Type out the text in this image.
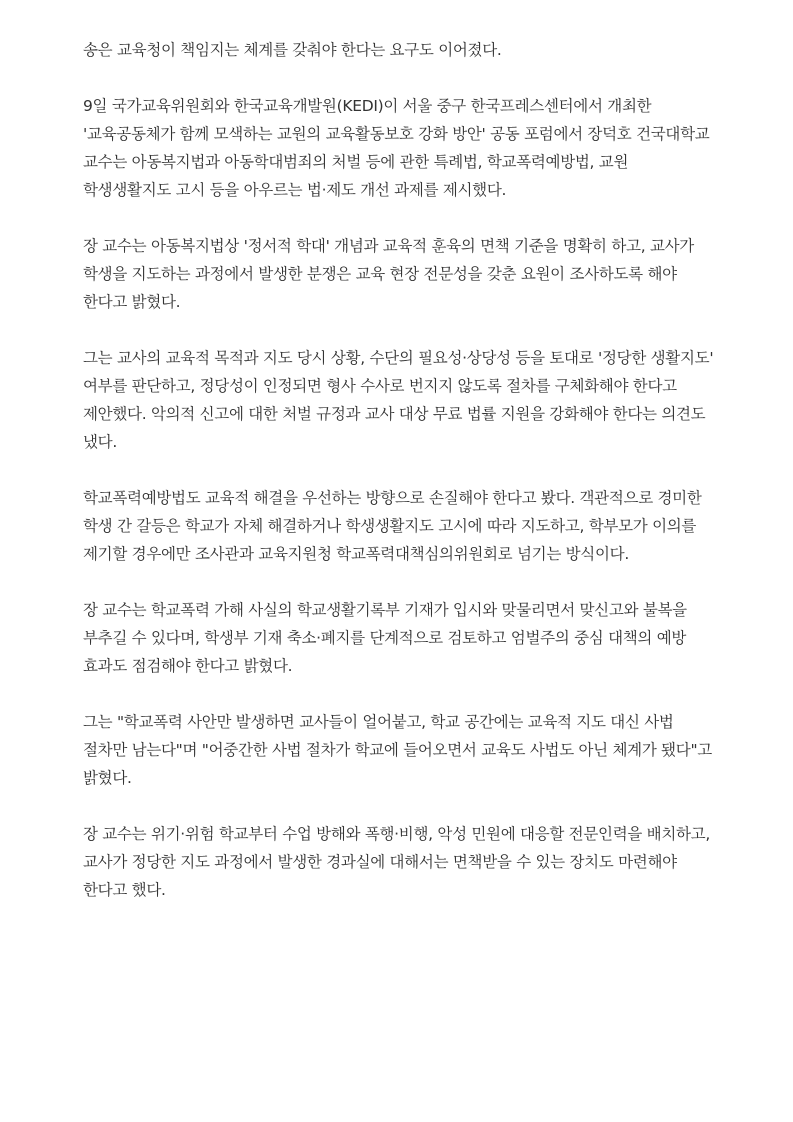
송은 교육청이 책임지는 체계를 갖춰야 한다는 요구도 이어졌다.

9일 국가교육위원회와 한국교육개발원(KEDI)이 서울 중구 한국프레스센터에서 개최한 '교육공동체가 함께 모색하는 교원의 교육활동보호 강화 방안' 공동 포럼에서 장덕호 건국대학교 교수는 아동복지법과 아동학대범죄의 처벌 등에 관한 특례법, 학교폭력예방법, 교원 학생생활지도 고시 등을 아우르는 법·제도 개선 과제를 제시했다.

장 교수는 아동복지법상 '정서적 학대' 개념과 교육적 훈육의 면책 기준을 명확히 하고, 교사가 학생을 지도하는 과정에서 발생한 분쟁은 교육 현장 전문성을 갖춘 요원이 조사하도록 해야 한다고 밝혔다.

그는 교사의 교육적 목적과 지도 당시 상황, 수단의 필요성·상당성 등을 토대로 '정당한 생활지도' 여부를 판단하고, 정당성이 인정되면 형사 수사로 번지지 않도록 절차를 구체화해야 한다고 제안했다. 악의적 신고에 대한 처벌 규정과 교사 대상 무료 법률 지원을 강화해야 한다는 의견도 냈다.

학교폭력예방법도 교육적 해결을 우선하는 방향으로 손질해야 한다고 봤다. 객관적으로 경미한 학생 간 갈등은 학교가 자체 해결하거나 학생생활지도 고시에 따라 지도하고, 학부모가 이의를 제기할 경우에만 조사관과 교육지원청 학교폭력대책심의위원회로 넘기는 방식이다.

장 교수는 학교폭력 가해 사실의 학교생활기록부 기재가 입시와 맞물리면서 맞신고와 불복을 부추길 수 있다며, 학생부 기재 축소·폐지를 단계적으로 검토하고 엄벌주의 중심 대책의 예방 효과도 점검해야 한다고 밝혔다.

그는 "학교폭력 사안만 발생하면 교사들이 얼어붙고, 학교 공간에는 교육적 지도 대신 사법 절차만 남는다"며 "어중간한 사법 절차가 학교에 들어오면서 교육도 사법도 아닌 체계가 됐다"고 밝혔다.

장 교수는 위기·위험 학교부터 수업 방해와 폭행·비행, 악성 민원에 대응할 전문인력을 배치하고, 교사가 정당한 지도 과정에서 발생한 경과실에 대해서는 면책받을 수 있는 장치도 마련해야 한다고 했다.
